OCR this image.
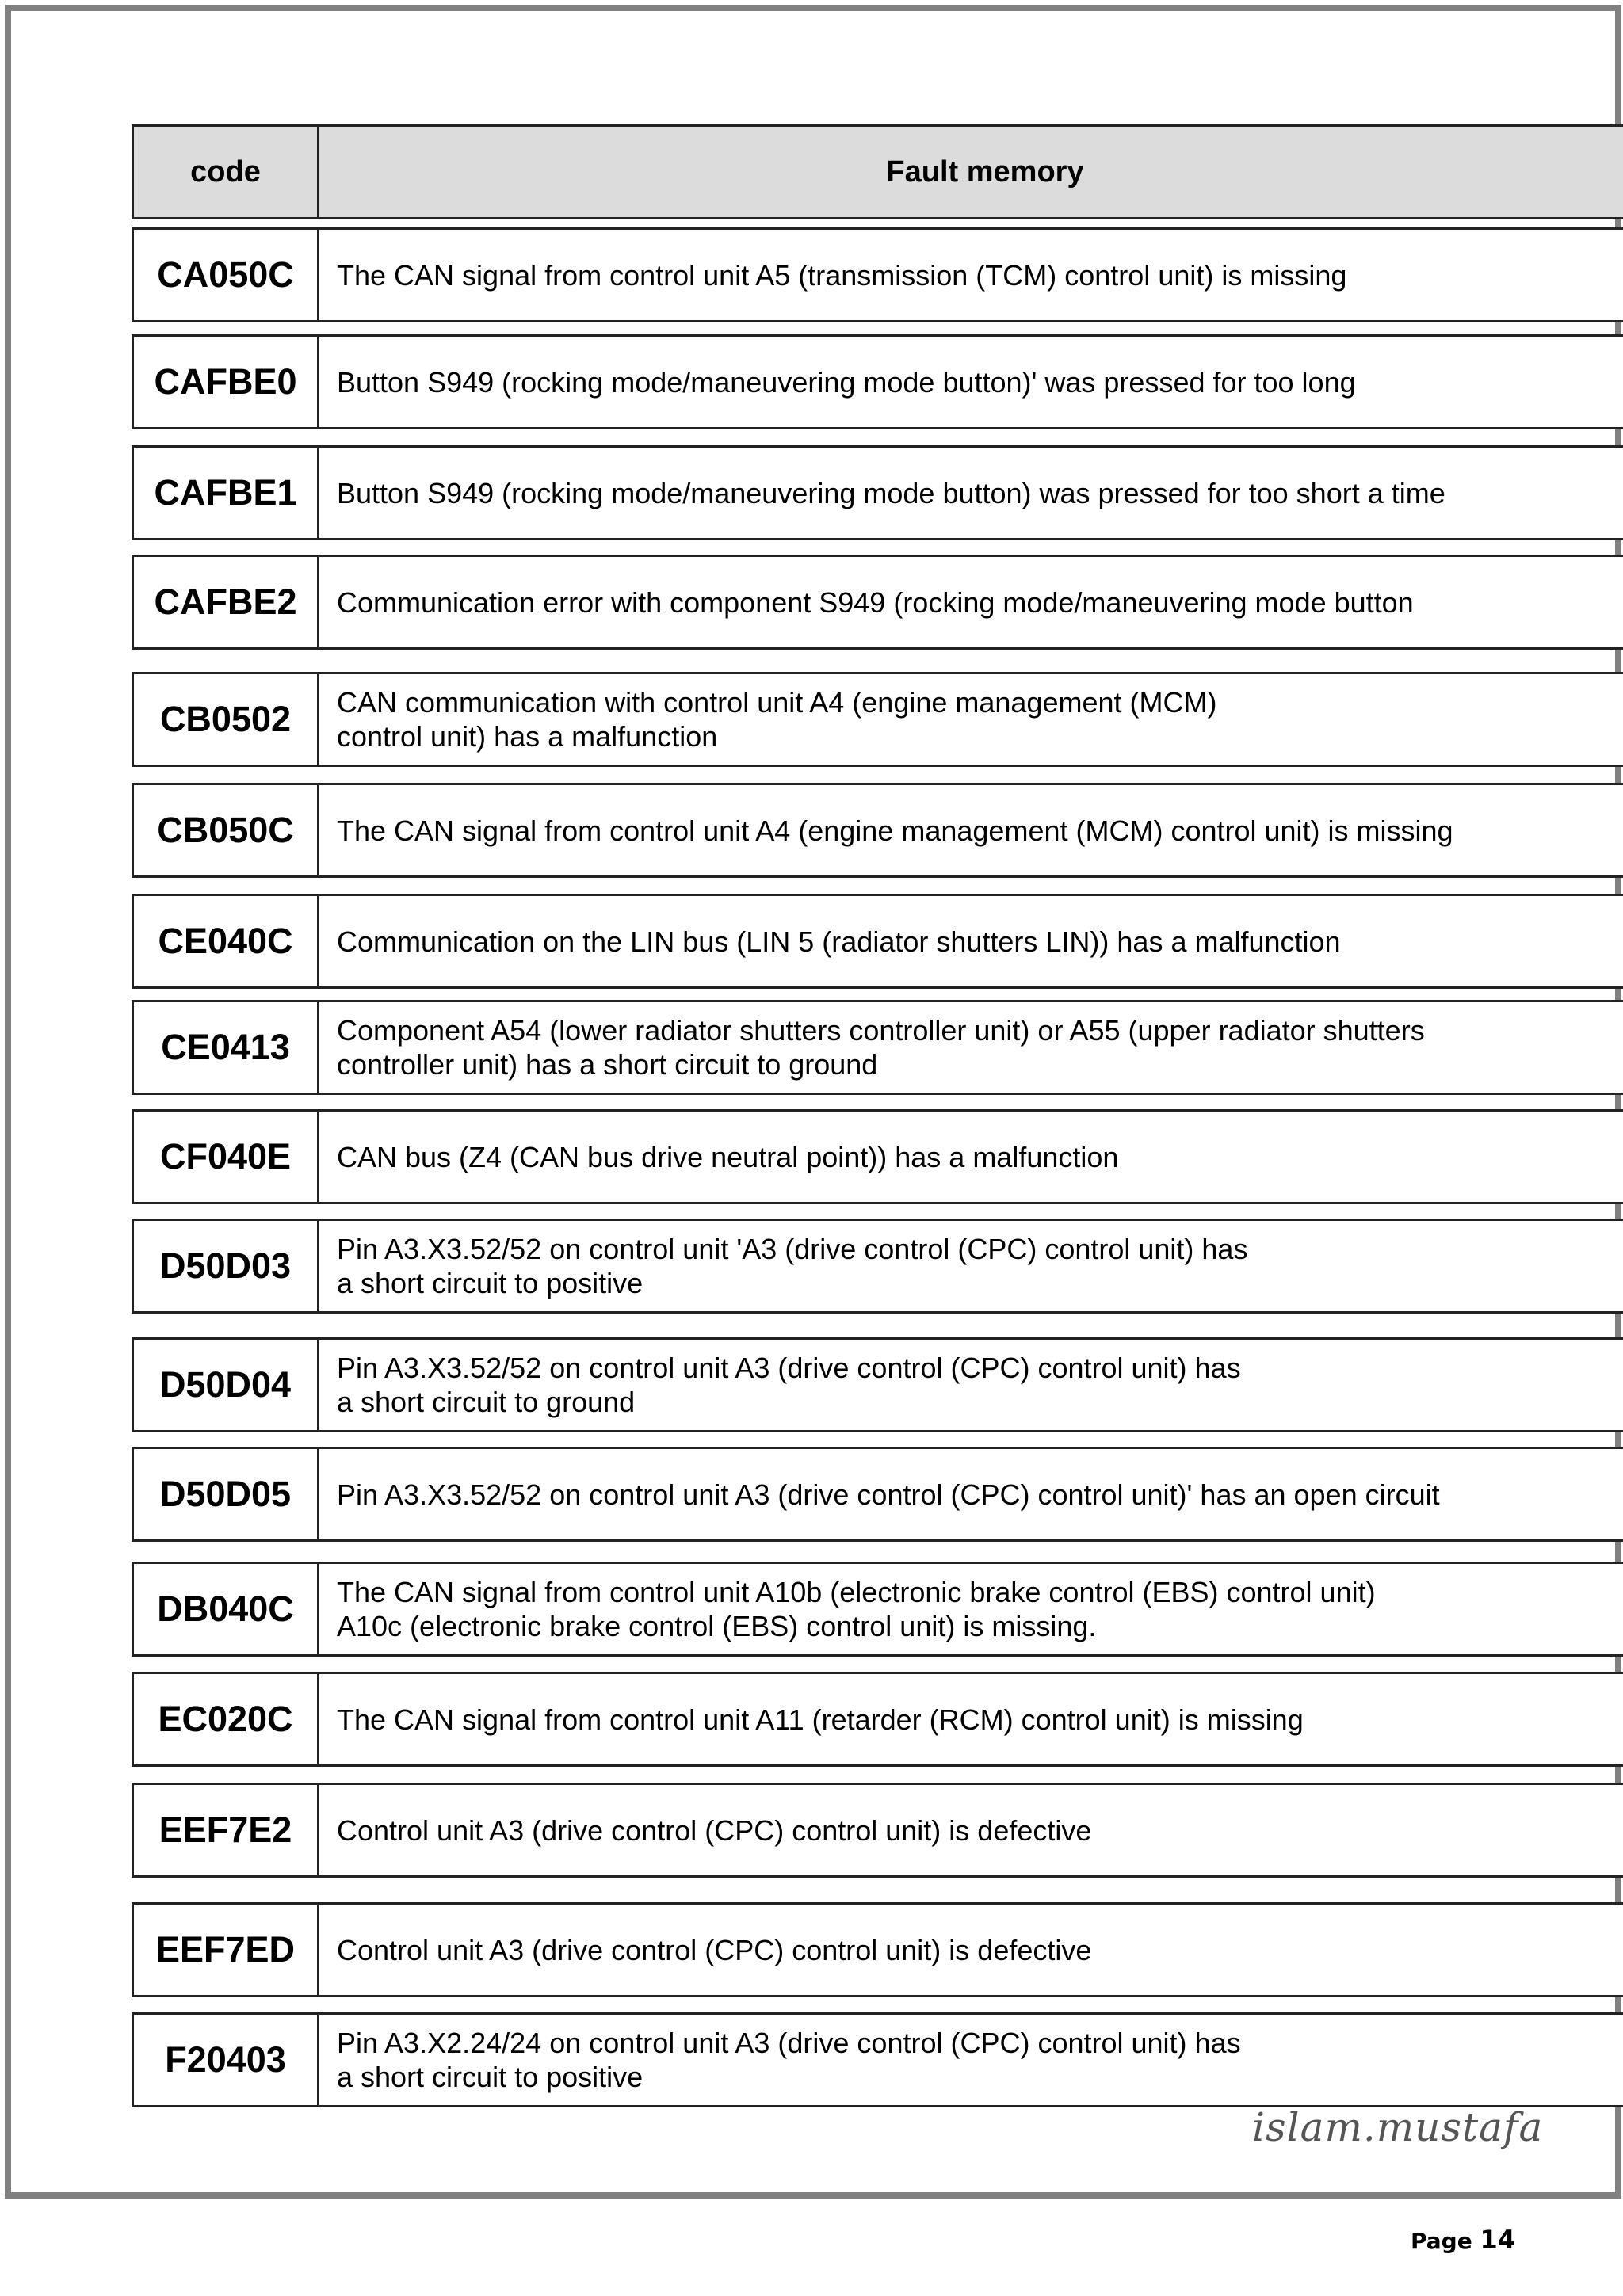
code	Fault memory
CA050C	The CAN signal from control unit A5 (transmission (TCM) control unit) is missing
CAFBE0	Button S949 (rocking mode/maneuvering mode button)' was pressed for too long
CAFBE1	Button S949 (rocking mode/maneuvering mode button) was pressed for too short a time
CAFBE2	Communication error with component S949 (rocking mode/maneuvering mode button
CB0502	CAN communication with control unit A4 (engine management (MCM)
control unit) has a malfunction
CB050C	The CAN signal from control unit A4 (engine management (MCM) control unit) is missing
CE040C	Communication on the LIN bus (LIN 5 (radiator shutters LIN)) has a malfunction
CE0413	Component A54 (lower radiator shutters controller unit) or A55 (upper radiator shutters
controller unit) has a short circuit to ground
CF040E	CAN bus (Z4 (CAN bus drive neutral point)) has a malfunction
D50D03	Pin A3.X3.52/52 on control unit 'A3 (drive control (CPC) control unit) has
a short circuit to positive
D50D04	Pin A3.X3.52/52 on control unit A3 (drive control (CPC) control unit) has
a short circuit to ground
D50D05	Pin A3.X3.52/52 on control unit A3 (drive control (CPC) control unit)' has an open circuit
DB040C	The CAN signal from control unit A10b (electronic brake control (EBS) control unit)
A10c (electronic brake control (EBS) control unit) is missing.
EC020C	The CAN signal from control unit A11 (retarder (RCM) control unit) is missing
EEF7E2	Control unit A3 (drive control (CPC) control unit) is defective
EEF7ED	Control unit A3 (drive control (CPC) control unit) is defective
F20403	Pin A3.X2.24/24 on control unit A3 (drive control (CPC) control unit) has
a short circuit to positive
islam.mustafa
Page 14
